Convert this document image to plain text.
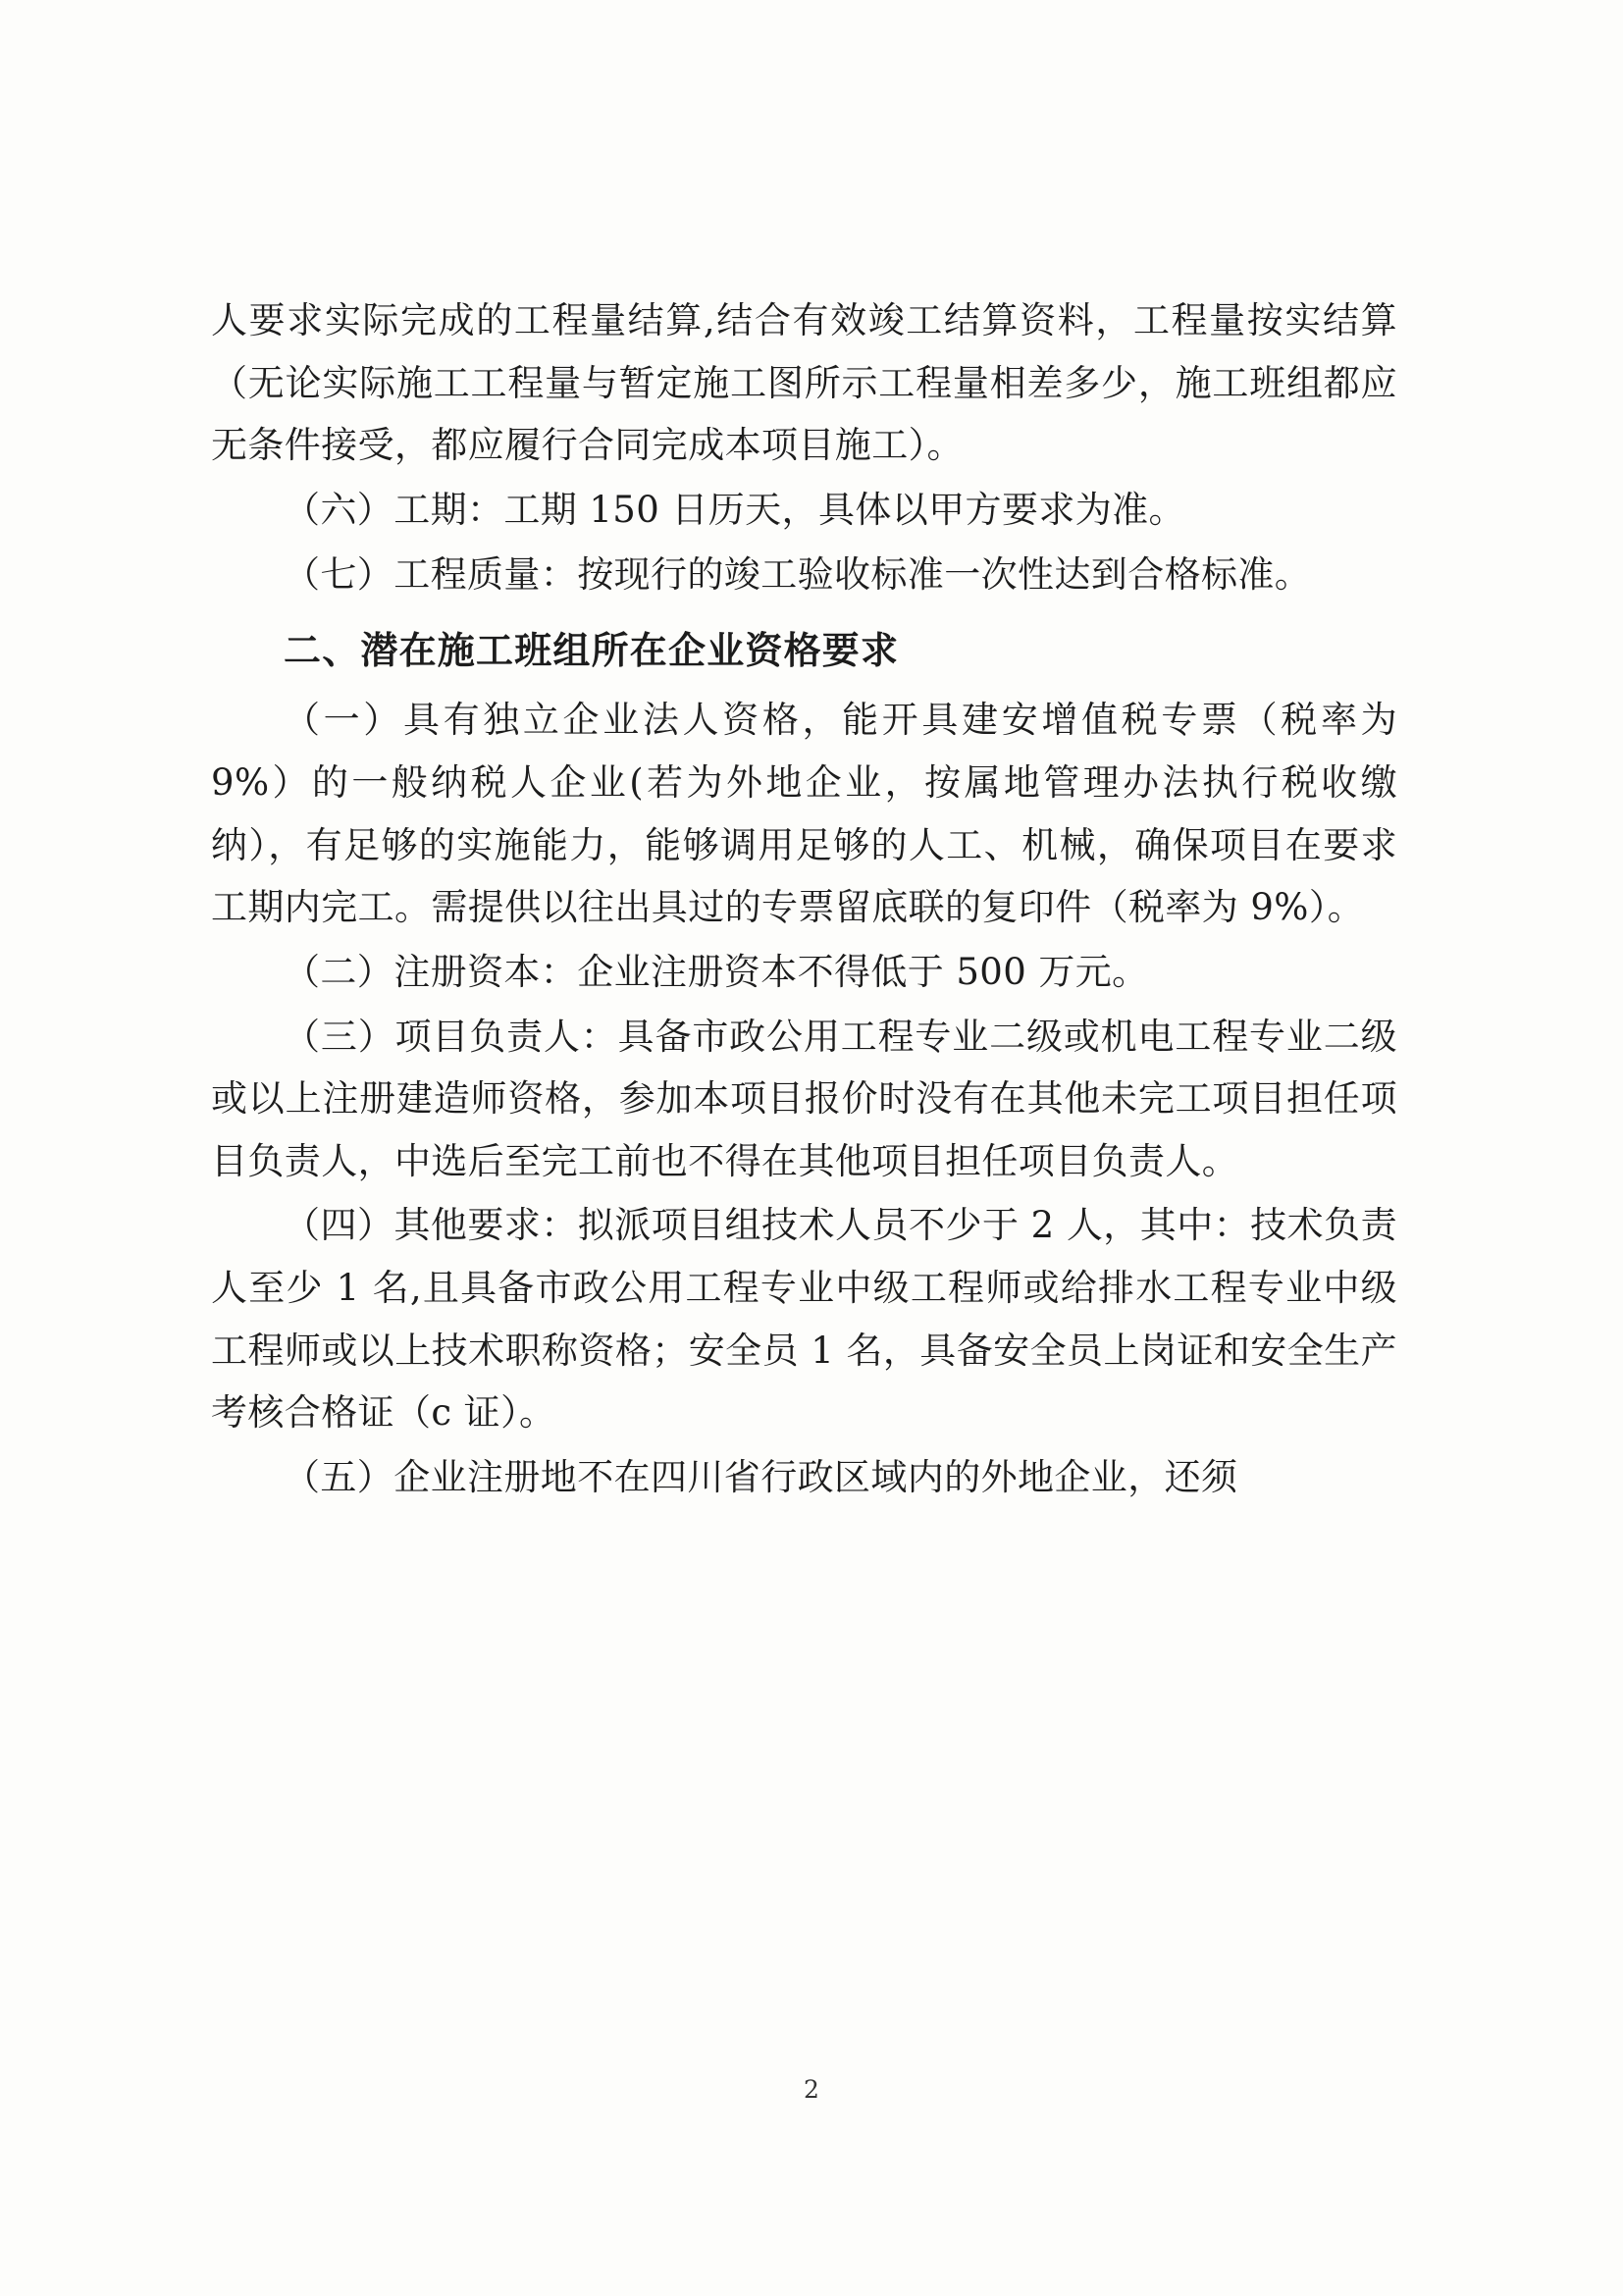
人要求实际完成的工程量结算,结合有效竣工结算资料，工程量按实结算（无论实际施工工程量与暂定施工图所示工程量相差多少，施工班组都应无条件接受，都应履行合同完成本项目施工）。

（六）工期：工期 150 日历天，具体以甲方要求为准。

（七）工程质量：按现行的竣工验收标准一次性达到合格标准。

二、潜在施工班组所在企业资格要求

（一）具有独立企业法人资格，能开具建安增值税专票（税率为 9%）的一般纳税人企业(若为外地企业，按属地管理办法执行税收缴纳），有足够的实施能力，能够调用足够的人工、机械，确保项目在要求工期内完工。需提供以往出具过的专票留底联的复印件（税率为 9%）。

（二）注册资本：企业注册资本不得低于 500 万元。

（三）项目负责人：具备市政公用工程专业二级或机电工程专业二级或以上注册建造师资格，参加本项目报价时没有在其他未完工项目担任项目负责人，中选后至完工前也不得在其他项目担任项目负责人。

（四）其他要求：拟派项目组技术人员不少于 2 人，其中：技术负责人至少 1 名,且具备市政公用工程专业中级工程师或给排水工程专业中级工程师或以上技术职称资格；安全员 1 名，具备安全员上岗证和安全生产考核合格证（c 证）。

（五）企业注册地不在四川省行政区域内的外地企业，还须

2
